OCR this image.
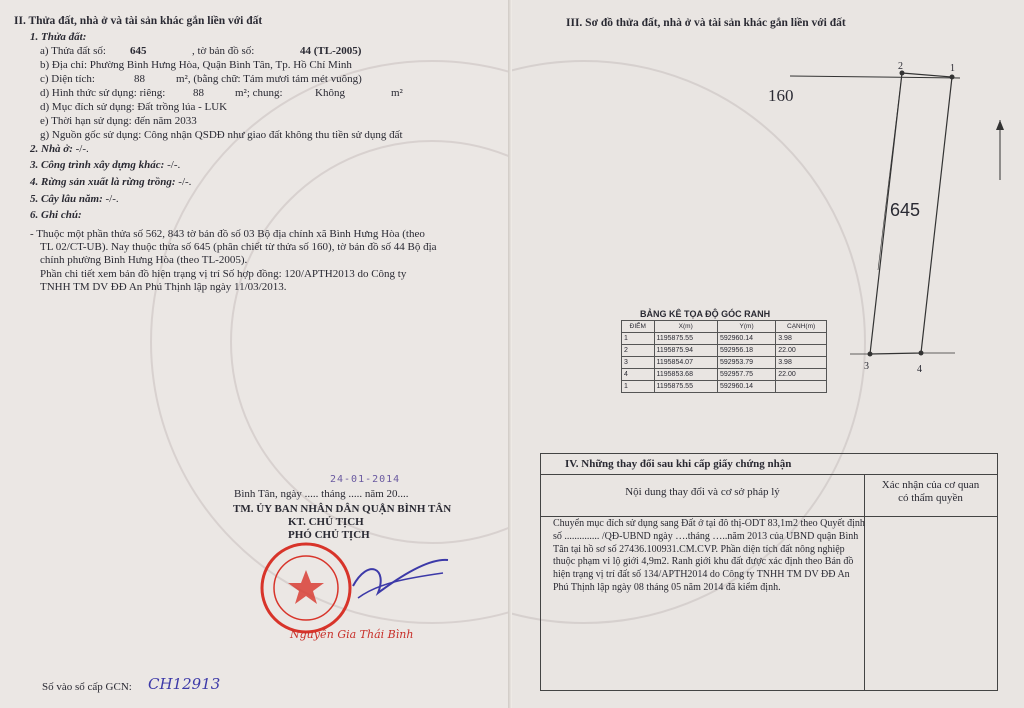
II. Thửa đất, nhà ở và tài sản khác gắn liền với đất
1. Thửa đất:
a) Thửa đất số: 645	, tờ bản đồ số:	44 (TL-2005)
b) Địa chỉ: Phường Bình Hưng Hòa, Quận Bình Tân, Tp. Hồ Chí Minh
c) Diện tích:	88	m², (bằng chữ: Tám mươi tám mét vuông)
d) Hình thức sử dụng: riêng:	88	m²; chung:	Không	m²
d) Mục đích sử dụng: Đất trồng lúa - LUK
e) Thời hạn sử dụng: đến năm 2033
g) Nguồn gốc sử dụng: Công nhận QSDĐ như giao đất không thu tiền sử dụng đất
2. Nhà ở: -/-.
3. Công trình xây dựng khác: -/-.
4. Rừng sản xuất là rừng trồng: -/-.
5. Cây lâu năm: -/-.
6. Ghi chú:
- Thuộc một phần thửa số 562, 843 tờ bản đồ số 03 Bộ địa chính xã Bình Hưng Hòa (theo
TL 02/CT-UB). Nay thuộc thửa số 645 (phân chiết từ thửa số 160), tờ bản đồ số 44 Bộ địa
chính phường Bình Hưng Hòa (theo TL-2005).
Phần chi tiết xem bản đồ hiện trạng vị trí Số hợp đồng: 120/APTH2013 do Công ty
TNHH TM DV ĐĐ An Phú Thịnh lập ngày 11/03/2013.
24-01-2014
Bình Tân, ngày ..... tháng ..... năm 20....
TM. ỦY BAN NHÂN DÂN QUẬN BÌNH TÂN
KT. CHỦ TỊCH
PHÓ CHỦ TỊCH
Nguyễn Gia Thái Bình
Số vào sổ cấp GCN: CH12913
III. Sơ đồ thửa đất, nhà ở và tài sản khác gắn liền với đất
2	1
3	4
160
645
BẢNG KÊ TỌA ĐỘ GÓC RANH
ĐIỂM	X(m)	Y(m)	CẠNH(m)
1	1195875.55	592960.14	3.98
2	1195875.94	592956.18	22.00
3	1195854.07	592953.79	3.98
4	1195853.68	592957.75	22.00
1	1195875.55	592960.14	
IV. Những thay đổi sau khi cấp giấy chứng nhận
Nội dung thay đổi và cơ sở pháp lý
Xác nhận của cơ quan
có thẩm quyền
Chuyển mục đích sử dụng sang Đất ở tại đô thị-ODT 83,1m2 theo Quyết định số .............. /QĐ-UBND ngày ….tháng …..năm 2013 của UBND quận Bình Tân tại hồ sơ số 27436.100931.CM.CVP. Phần diện tích đất nông nghiệp thuộc phạm vi lộ giới 4,9m2. Ranh giới khu đất được xác định theo Bản đồ hiện trạng vị trí đất số 134/APTH2014 do Công ty TNHH TM DV ĐĐ An Phú Thịnh lập ngày 08 tháng 05 năm 2014 đã kiểm định.
